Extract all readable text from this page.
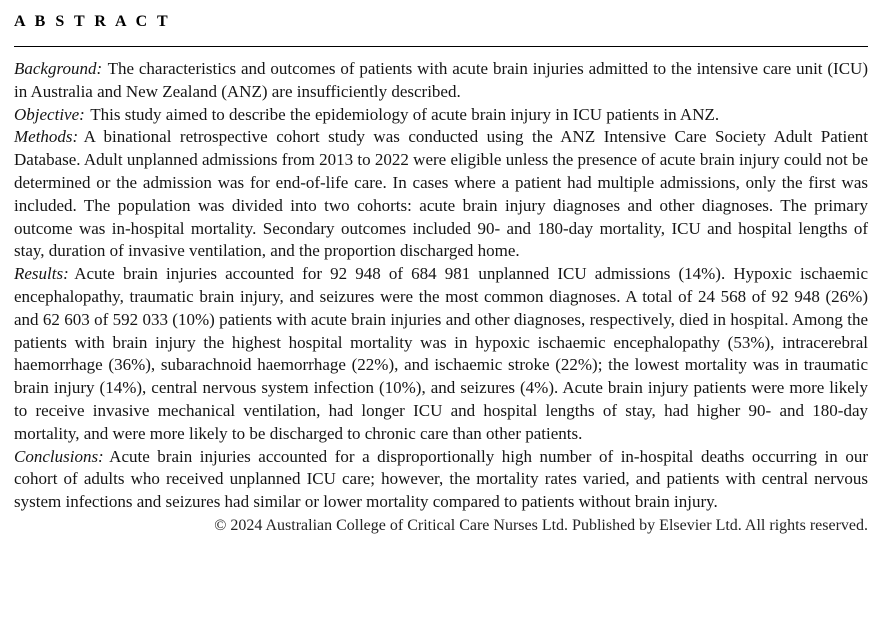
A B S T R A C T

Background: The characteristics and outcomes of patients with acute brain injuries admitted to the intensive care unit (ICU) in Australia and New Zealand (ANZ) are insufficiently described.

Objective: This study aimed to describe the epidemiology of acute brain injury in ICU patients in ANZ.

Methods: A binational retrospective cohort study was conducted using the ANZ Intensive Care Society Adult Patient Database. Adult unplanned admissions from 2013 to 2022 were eligible unless the presence of acute brain injury could not be determined or the admission was for end-of-life care. In cases where a patient had multiple admissions, only the first was included. The population was divided into two cohorts: acute brain injury diagnoses and other diagnoses. The primary outcome was in-hospital mortality. Secondary outcomes included 90- and 180-day mortality, ICU and hospital lengths of stay, duration of invasive ventilation, and the proportion discharged home.

Results: Acute brain injuries accounted for 92 948 of 684 981 unplanned ICU admissions (14%). Hypoxic ischaemic encephalopathy, traumatic brain injury, and seizures were the most common diagnoses. A total of 24 568 of 92 948 (26%) and 62 603 of 592 033 (10%) patients with acute brain injuries and other diagnoses, respectively, died in hospital. Among the patients with brain injury the highest hospital mortality was in hypoxic ischaemic encephalopathy (53%), intracerebral haemorrhage (36%), subarachnoid haemorrhage (22%), and ischaemic stroke (22%); the lowest mortality was in traumatic brain injury (14%), central nervous system infection (10%), and seizures (4%). Acute brain injury patients were more likely to receive invasive mechanical ventilation, had longer ICU and hospital lengths of stay, had higher 90- and 180-day mortality, and were more likely to be discharged to chronic care than other patients.

Conclusions: Acute brain injuries accounted for a disproportionally high number of in-hospital deaths occurring in our cohort of adults who received unplanned ICU care; however, the mortality rates varied, and patients with central nervous system infections and seizures had similar or lower mortality compared to patients without brain injury.

© 2024 Australian College of Critical Care Nurses Ltd. Published by Elsevier Ltd. All rights reserved.
